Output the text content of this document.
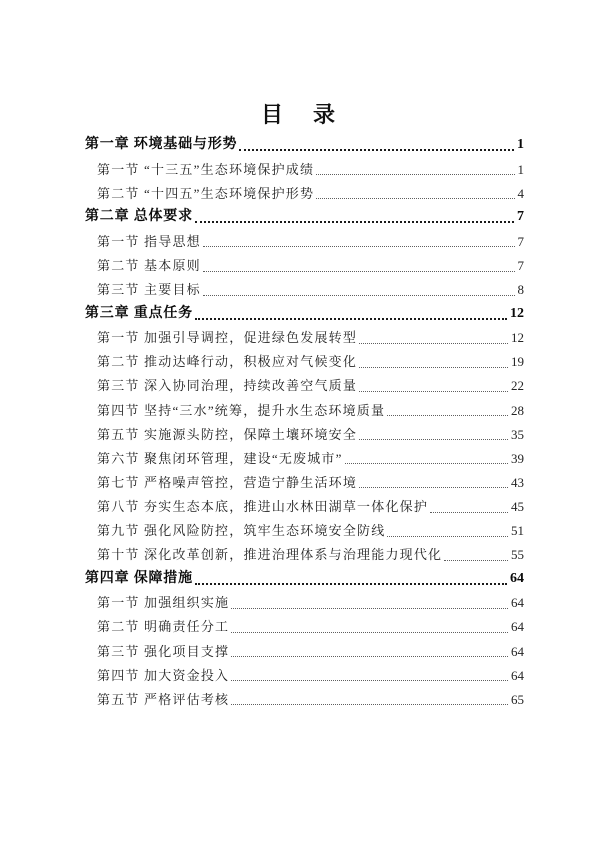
目　录
第一章 环境基础与形势	1
第一节 “十三五”生态环境保护成绩	1
第二节 “十四五”生态环境保护形势	4
第二章 总体要求	7
第一节 指导思想	7
第二节 基本原则	7
第三节 主要目标	8
第三章 重点任务	12
第一节 加强引导调控，促进绿色发展转型	12
第二节 推动达峰行动，积极应对气候变化	19
第三节 深入协同治理，持续改善空气质量	22
第四节 坚持“三水”统筹，提升水生态环境质量	28
第五节 实施源头防控，保障土壤环境安全	35
第六节 聚焦闭环管理，建设“无废城市”	39
第七节 严格噪声管控，营造宁静生活环境	43
第八节 夯实生态本底，推进山水林田湖草一体化保护	45
第九节 强化风险防控，筑牢生态环境安全防线	51
第十节 深化改革创新，推进治理体系与治理能力现代化	55
第四章 保障措施	64
第一节 加强组织实施	64
第二节 明确责任分工	64
第三节 强化项目支撑	64
第四节 加大资金投入	64
第五节 严格评估考核	65
